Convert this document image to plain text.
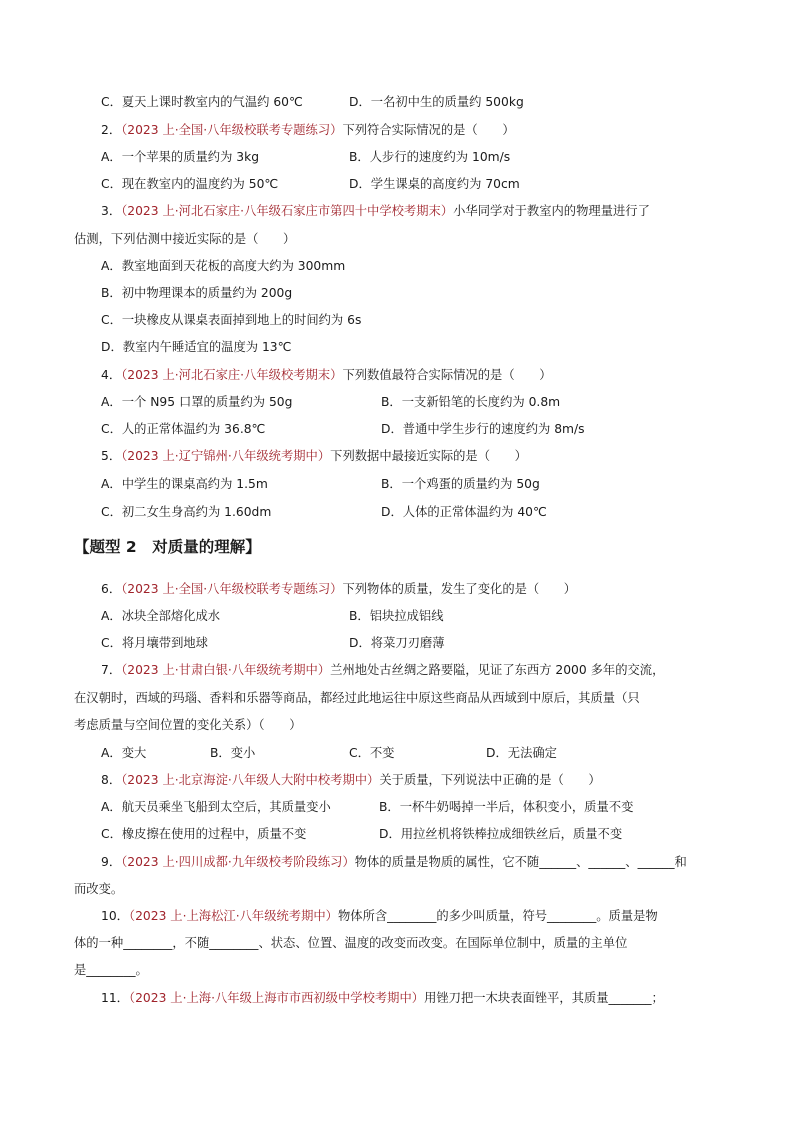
C．夏天上课时教室内的气温约 60℃	D．一名初中生的质量约 500kg
2．（2023 上·全国·八年级校联考专题练习）下列符合实际情况的是（　　）
A．一个苹果的质量约为 3kg	B．人步行的速度约为 10m/s
C．现在教室内的温度约为 50℃	D．学生课桌的高度约为 70cm
3．（2023 上·河北石家庄·八年级石家庄市第四十中学校考期末）小华同学对于教室内的物理量进行了
估测，下列估测中接近实际的是（　　）
A．教室地面到天花板的高度大约为 300mm
B．初中物理课本的质量约为 200g
C．一块橡皮从课桌表面掉到地上的时间约为 6s
D．教室内午睡适宜的温度为 13℃
4．（2023 上·河北石家庄·八年级校考期末）下列数值最符合实际情况的是（　　）
A．一个 N95 口罩的质量约为 50g	B．一支新铅笔的长度约为 0.8m
C．人的正常体温约为 36.8℃	D．普通中学生步行的速度约为 8m/s
5．（2023 上·辽宁锦州·八年级统考期中）下列数据中最接近实际的是（　　）
A．中学生的课桌高约为 1.5m	B．一个鸡蛋的质量约为 50g
C．初二女生身高约为 1.60dm	D．人体的正常体温约为 40℃
【题型 2　对质量的理解】
6．（2023 上·全国·八年级校联考专题练习）下列物体的质量，发生了变化的是（　　）
A．冰块全部熔化成水	B．铝块拉成铝线
C．将月壤带到地球	D．将菜刀刃磨薄
7．（2023 上·甘肃白银·八年级统考期中）兰州地处古丝绸之路要隘，见证了东西方 2000 多年的交流，
在汉朝时，西域的玛瑙、香料和乐器等商品，都经过此地运往中原这些商品从西域到中原后，其质量（只
考虑质量与空间位置的变化关系）（　　）
A．变大	B．变小	C．不变	D．无法确定
8．（2023 上·北京海淀·八年级人大附中校考期中）关于质量，下列说法中正确的是（　　）
A．航天员乘坐飞船到太空后，其质量变小	B．一杯牛奶喝掉一半后，体积变小，质量不变
C．橡皮擦在使用的过程中，质量不变	D．用拉丝机将铁棒拉成细铁丝后，质量不变
9．（2023 上·四川成都·九年级校考阶段练习）物体的质量是物质的属性，它不随______、______、______和
而改变。
10．（2023 上·上海松江·八年级统考期中）物体所含________的多少叫质量，符号________。质量是物
体的一种________，不随________、状态、位置、温度的改变而改变。在国际单位制中，质量的主单位
是________。
11．（2023 上·上海·八年级上海市市西初级中学校考期中）用锉刀把一木块表面锉平，其质量_______；
